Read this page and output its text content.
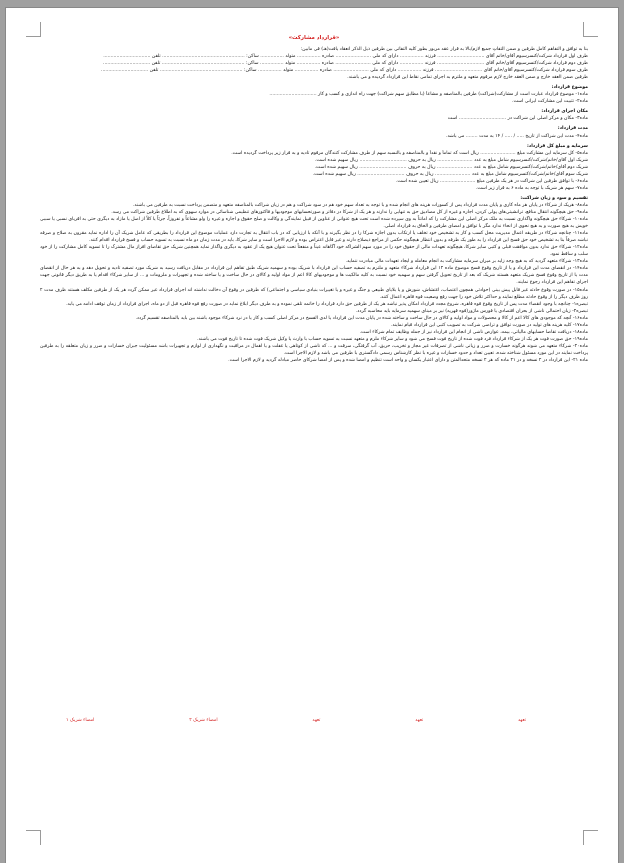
«قرارداد مشارکت»
بنا به توافق و التفاهم کامل طرفین و ضمن التفاتِ جمیع لازم/بالا به قرار عقد مزبور بطور کلیه التفاتی بین طرفین ذیل الذکر انعقاد یافت(هـ) فی مابین:
طرف اول قرارداد شرکت/کنسرسیوم آقای/خانم آقای ................................ فرزند ................ دارای کد ملی ........................ صادره ................ متولد ................ ساکن: ........................................................ تلفن ................................
طرف دوم قرارداد شرکت/کنسرسیوم آقای/خانم آقای ................................ فرزند ................ دارای کد ملی ........................ صادره ................ متولد ................ ساکن: ........................................................ تلفن ................................
طرف سوم قرارداد شرکت/کنسرسیوم آقای/خانم آقای ................................ فرزند ................ دارای کد ملی ........................ صادره ................ متولد ................ ساکن: ........................................................ تلفن ................................
طرفین ضمن العقد خارج و ضمن العقد خارج لازم مرقوم متعهد و ملتزم به اجرای تمامی نقاط این قرارداد گردیده و می باشند.
موضوع قرارداد:
ماده۱- موضوع قرارداد عبارت است از مشارکت(شراکت) طرفین بالمناصفه و مشاعاً (با مطابق سهم شراکت) جهت راه اندازی و کسب و کار ................................
ماده۲- تثبیت این مشارکت ایرانی است.
مکان اجرای قرارداد:
ماده۳- مکان و مرکز اصلی این شراکت در ................................ است
مدت قرارداد:
ماده۴- مدت این شراکت از تاریخ ..... / ..... / ۱۴ به مدت ........ می باشد.
سرمایه و مبلغ کل قرارداد:
ماده۵- کل سرمایه این مشارکت مبلغ ........................ ریال است که تماماً و نقداً و بالمناصفه و بالنسبه سهم از طرف مشارکت کنندگان مرقوم تادیه و به قرار زیر پرداخت گردیده است.
شریک اول آقای/خانم/شرکت/کنسرسیوم شامل مبلغ به عدد ........................ ریال به حروف ................................ ریال سهیم شده است.
شریک دوم آقای/خانم/شرکت/کنسرسیوم شامل مبلغ به عدد ........................ ریال به حروف ................................ ریال سهیم شده است.
شریک سوم آقای/خانم/شرکت/کنسرسیوم شامل مبلغ به عدد ........................ ریال به حروف ................................ ریال سهیم شده است.
ماده۶- با توافق طرفین این شراکت در هر یک طرفین مبلغ ........................ ریال تعیین شده است.
ماده۷- سهم هر شریک با توجه به ماده ۶ به قرار زیر است.
تقسیم و سود و زیان شراکت:
ماده۸- هریک از شرکاء در پایان هر ماه کاری و پایان مدت قرارداد پس از کسورات هزینه های انجام شده و با توجه به تعداد سهم خود هم در سود شراکت و هم در زیان شراکت بالمناصفه متعهد و متضمن پرداخت نسبت به طرفین می باشند.
ماده۹- حق هیچگونه انتقال منافع، ترانشیتی‌های پولی کردن، اجاره و غیره از کل مصادیق حق به تنهایی را ندارند و هر یک از شرکا در دفاتر و صورتحسابهای موجودیها و فاکتورهای تنظیمی شناسائی در موارد سهوی که به اطلاع طرفین شراکت می رسد.
ماده۱۰- شرکاء حق هیچگونه واگذاری نسبت به ملک مرکز اصلی این مشارکت را که امانتاً به وی سپرده شده است تحت هیچ عنوانی از عناوین از قبیل نمایندگی و وکالت و صلح حقوق و اجاره و غیره را ولو مشاعاً و تفروزاً، جزئاً یا کلاً از اصل یا مازاد به دیگری حتی به اقربای نسبی یا سببی خویش به هیچ صورت و به هیچ نحوی از انحاء ندارد مگر با توافق و امضای طرفین و الحاق به قرارداد اصلی.
ماده۱۱- چنانچه شرکاء در طریقه اعمال مدیریت محل کسب و کار به تشخیص خود تخلف یا ارتکاب بدون اجازه شرکا را در نظر بگیرند و با آنکه با ارزیابی که در باب انتقال به تجارت دارد عملیات موضوع این قرارداد را بطریقی که عامل شریک آن را اداره نماید مقرون به صلاح و صرفه نباشد صرفاً بنا به تشخیص خود حق فسخ این قرارداد را به طور یک طرفه و بدون انتظار هیچگونه حکمی از مراجع ذیصلاح دارند و غیر قابل اعتراض بوده و لازم الاجرا است و سایر شرکا، باید در مدت زمان دو ماه نسبت به تسویه حساب و فسخ قرارداد اقدام کنند.
ماده۱۲- شرکاء حق ندارد بدون موافقت قبلی و کتبی سایر شرکا، هیچگونه تعهدات مالی از حقوق خود را در مورد سهم الشراکه خود آگاهانه عیناً و منفعتاً تحت عنوان هیچ یک از عقود به دیگری واگذار نماید همچنین شریک حق تقاضای افراز مال مشترک را تا تسویه کامل مشارکت را از خود سلب و ساقط نمود.
ماده۱۳- شرکاء متعهد گردید که به هیچ وجه زاید بر میزان سرمایه مشارکت به انجام معامله و ایجاد تعهدات مالی مبادرت ننماید.
ماده۱۴- در انقضای مدت این قرارداد و یا از تاریخ وقوع فسخ موضوع ماده ۱۲ این قرارداد شرکاء متعهد و ملتزم به تصفیه حساب این قرارداد با شریک بوده و سهمیه شریک طبق تفاهم این قرارداد در مقابل دریافت رسید به شریک مورد تصفیه تادیه و تحویل دهد و به هر حال از انقضای مدت یا از تاریخ وقوع فسخ شریک متعهد هستند شریک که بعد از تاریخ تحویل گرفتن سهم و سهمیه خود نسبت به کلیه مالکیت ها و موجودیهای کالا اعم از مواد اولیه و کالای در حال ساخت و یا ساخته شده و تجهیزات و ملزومات و ... از سایر شرکاء اقدام یا به طریق دیگر قانونی جهت اجرای تفاهم این قرارداد رجوع نمایند.
ماده۱۵- در صورت وقوع حادثه غیر قابل پیش بینی (حوادثی همچون اعتصاب، اغتشاش، شورش و یا بلایای طبیعی و جنگ و غیره و یا تغییرات بنیادی سیاسی و اجتماعی) که طرفین در وقوع آن دخالت نداشته اند اجرای قرارداد غیر ممکن گردد هر یک از طرفین مکلف هستند ظرف مدت ۲ روز طرف دیگر را از وقوع حادثه مطلع نمایند و حداکثر تلاش خود را جهت رفع وضعیت قوه قاهره اعمال کنند.
تبصره۱- چنانچه با وجود انقضاء مدت پس از تاریخ وقوع قوه قاهره، شروع مجدد قرارداد امکان پذیر نباشد هر یک از طرفین حق دارد قرارداد را خاتمه تلقی نموده و به طرف دیگر ابلاغ نماید در صورت رفع قوه قاهره قبل از دو ماه، اجرای قرارداد از زمان توقف ادامه می یابد.
تبصره۲- زیان احتمالی ناشی از بحران اقتصادی یا فورس ماژور(قوه قهریه) نیز بر مبنای سهمیه سرمایه باید محاسبه گردد.
ماده۱۶- آنچه که موجودی های کالا اعم از کالا و محصولات و مواد اولیه و کالای در حال ساخت و ساخته شده در پایان مدت این قرارداد یا لدی الفسخ در مرکز اصلی کسب و کار یا در نزد شرکاء موجود باشند بین باید بالمناصفه تقسیم گردد.
ماده۱۷- کلیه هزینه های تولید در صورت توافق و تراضی شرکت به تصویب کتبی این قرارداد قیام نمایند.
ماده۱۸- دریافت تقاضا حسابهای مالیاتی، بیمه، عوارض ناشی از انجام این قرارداد نیز از جمله وظایف تمام شرکاء است.
ماده۱۹- حق صورت فوت هر یک از شرکاء قرارداد فرد فوت شده از تاریخ فوت فسخ می شود و سایر شرکاء ملزم و متعهد نسبت به تسویه حساب با وارث یا وکیل شریک فوت شده تا تاریخ فوت می باشند.
ماده۲۰- شرکاء متعهد می شوند هرگونه خسارت و ضرر و زیانی ناشی از تصرفات غیر مجاز و تخریب، حریق، آب گرفتگی، سرقت و ... که ناشی از کوتاهی یا غفلت و یا اهمال در مراقبت و نگهداری از لوازم و تجهیزات باشد مسئولیت جبران خسارات و ضرر و زیان متعلقه را به طرفین پرداخت نمایند در این مورد مسئول شناخته شده، تعیین تعداد و حدود خسارات و غیره با نظر کارشناس رسمی دادگستری با طرفین می باشد و لازم الاجرا است.
ماده ۲۱- این قرارداد در ۲ نسخه و در ۲۱ ماده که هر ۲ نسخه متحدالمتن و دارای اعتبار یکسان و واحد است تنظیم و امضا شده و پس از امضا شرکای حاضر مبادله گردید و لازم الاجرا است.
امضاء شریک ۱	امضاء شریک ۲	تعهد	تعهد	تعهد
